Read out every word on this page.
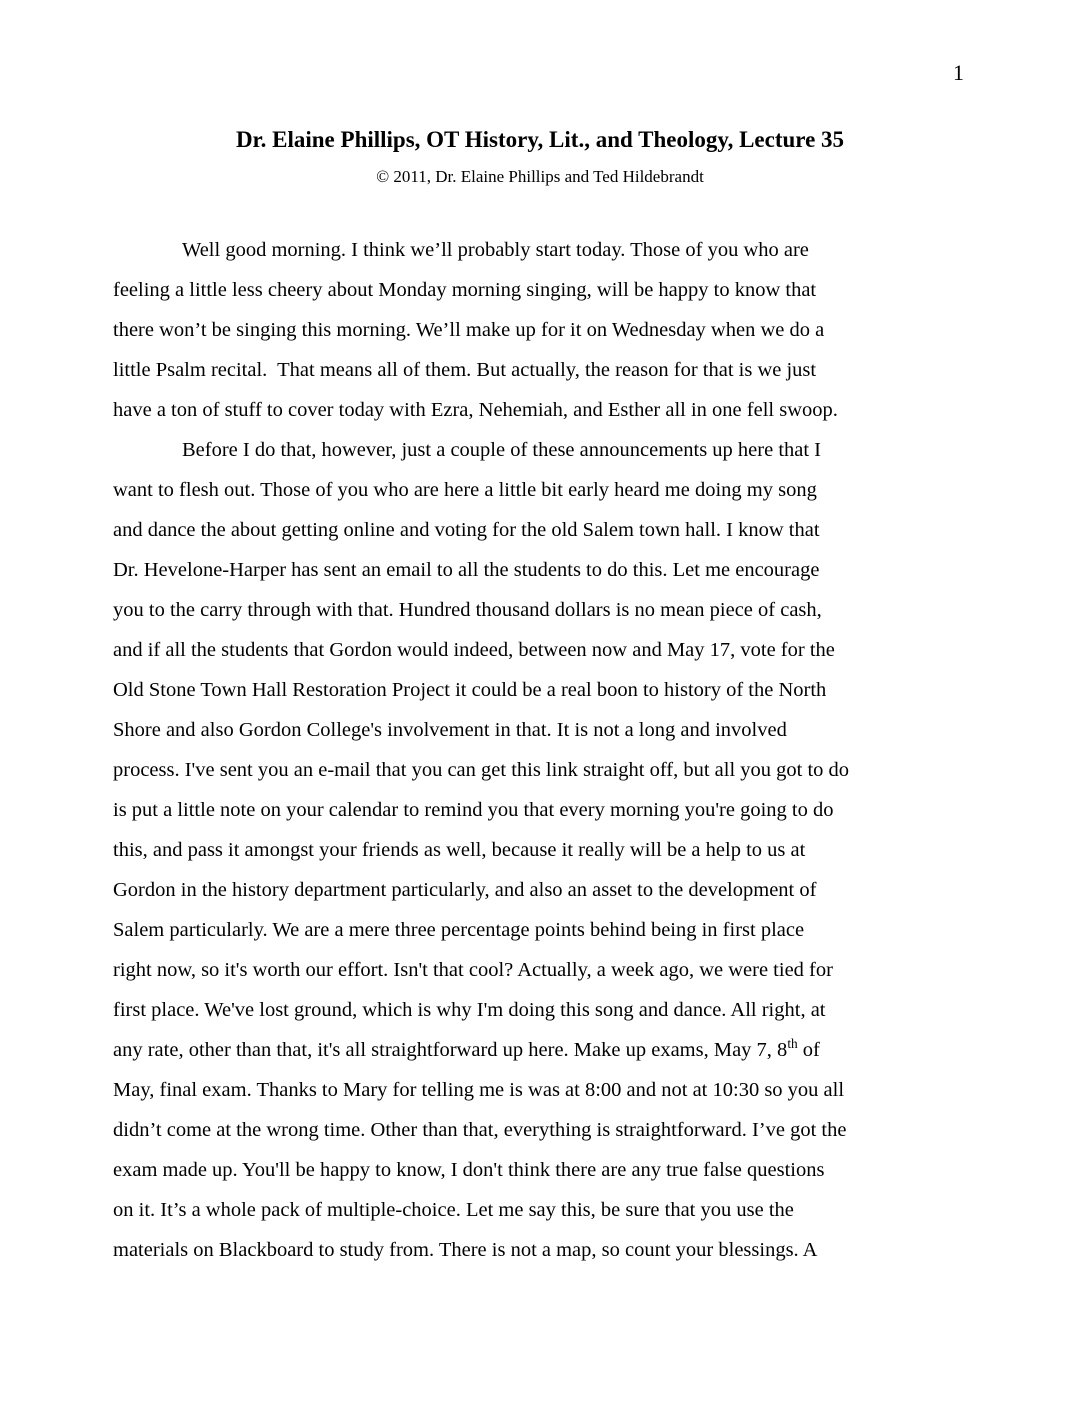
1
Dr. Elaine Phillips, OT History, Lit., and Theology, Lecture 35
© 2011, Dr. Elaine Phillips and Ted Hildebrandt
Well good morning. I think we’ll probably start today. Those of you who are
feeling a little less cheery about Monday morning singing, will be happy to know that
there won’t be singing this morning. We’ll make up for it on Wednesday when we do a
little Psalm recital.  That means all of them. But actually, the reason for that is we just
have a ton of stuff to cover today with Ezra, Nehemiah, and Esther all in one fell swoop.
Before I do that, however, just a couple of these announcements up here that I
want to flesh out. Those of you who are here a little bit early heard me doing my song
and dance the about getting online and voting for the old Salem town hall. I know that
Dr. Hevelone-Harper has sent an email to all the students to do this. Let me encourage
you to the carry through with that. Hundred thousand dollars is no mean piece of cash,
and if all the students that Gordon would indeed, between now and May 17, vote for the
Old Stone Town Hall Restoration Project it could be a real boon to history of the North
Shore and also Gordon College's involvement in that. It is not a long and involved
process. I've sent you an e-mail that you can get this link straight off, but all you got to do
is put a little note on your calendar to remind you that every morning you're going to do
this, and pass it amongst your friends as well, because it really will be a help to us at
Gordon in the history department particularly, and also an asset to the development of
Salem particularly. We are a mere three percentage points behind being in first place
right now, so it's worth our effort. Isn't that cool? Actually, a week ago, we were tied for
first place. We've lost ground, which is why I'm doing this song and dance. All right, at
any rate, other than that, it's all straightforward up here. Make up exams, May 7, 8th of
May, final exam. Thanks to Mary for telling me is was at 8:00 and not at 10:30 so you all
didn’t come at the wrong time. Other than that, everything is straightforward. I’ve got the
exam made up. You'll be happy to know, I don't think there are any true false questions
on it. It’s a whole pack of multiple-choice. Let me say this, be sure that you use the
materials on Blackboard to study from. There is not a map, so count your blessings. A
